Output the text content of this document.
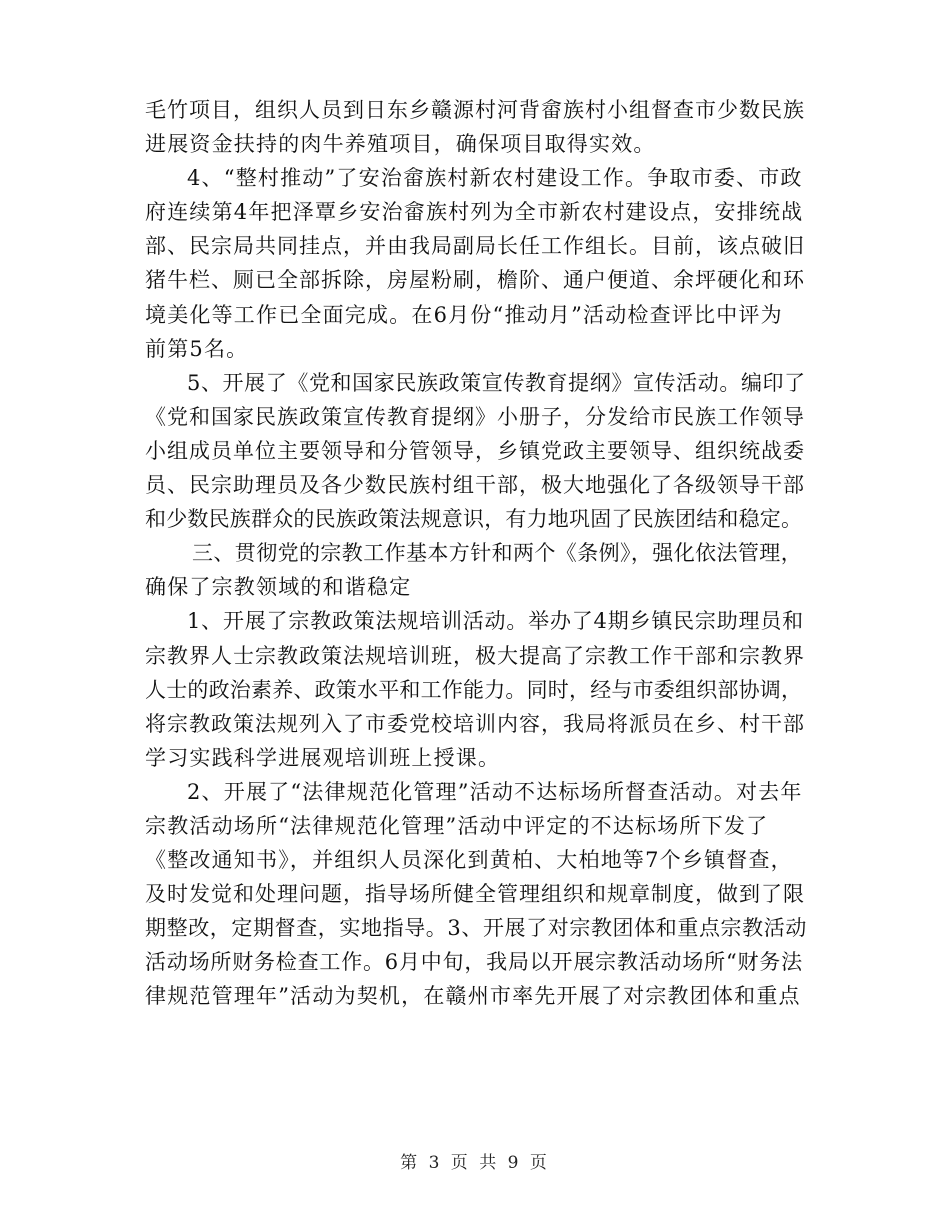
毛竹项目，组织人员到日东乡赣源村河背畲族村小组督查市少数民族
进展资金扶持的肉牛养殖项目，确保项目取得实效。
4、“整村推动”了安治畲族村新农村建设工作。争取市委、市政
府连续第4年把泽覃乡安治畲族村列为全市新农村建设点，安排统战
部、民宗局共同挂点，并由我局副局长任工作组长。目前，该点破旧
猪牛栏、厕已全部拆除，房屋粉刷，檐阶、通户便道、余坪硬化和环
境美化等工作已全面完成。在6月份“推动月”活动检查评比中评为
前第5名。
5、开展了《党和国家民族政策宣传教育提纲》宣传活动。编印了
《党和国家民族政策宣传教育提纲》小册子，分发给市民族工作领导
小组成员单位主要领导和分管领导，乡镇党政主要领导、组织统战委
员、民宗助理员及各少数民族村组干部，极大地强化了各级领导干部
和少数民族群众的民族政策法规意识，有力地巩固了民族团结和稳定。
三、贯彻党的宗教工作基本方针和两个《条例》，强化依法管理，
确保了宗教领域的和谐稳定
1、开展了宗教政策法规培训活动。举办了4期乡镇民宗助理员和
宗教界人士宗教政策法规培训班，极大提高了宗教工作干部和宗教界
人士的政治素养、政策水平和工作能力。同时，经与市委组织部协调，
将宗教政策法规列入了市委党校培训内容，我局将派员在乡、村干部
学习实践科学进展观培训班上授课。
2、开展了“法律规范化管理”活动不达标场所督查活动。对去年
宗教活动场所“法律规范化管理”活动中评定的不达标场所下发了
《整改通知书》，并组织人员深化到黄柏、大柏地等7个乡镇督查，
及时发觉和处理问题，指导场所健全管理组织和规章制度，做到了限
期整改，定期督查，实地指导。3、开展了对宗教团体和重点宗教活动
活动场所财务检查工作。6月中旬，我局以开展宗教活动场所“财务法
律规范管理年”活动为契机，在赣州市率先开展了对宗教团体和重点
第 3 页 共 9 页
